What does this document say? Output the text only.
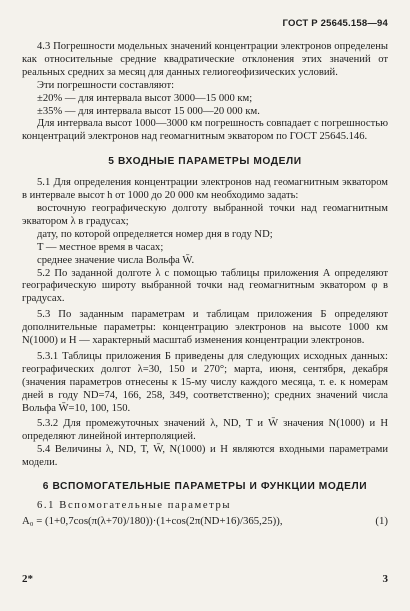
ГОСТ Р 25645.158—94

4.3 Погрешности модельных значений концентрации электронов определены как относительные средние квадратические отклонения этих значений от реальных средних за месяц для данных гелиогеофизических условий.

Эти погрешности составляют:

±20% — для интервала высот 3000—15 000 км;

±35% — для интервала высот 15 000—20 000 км.

Для интервала высот 1000—3000 км погрешность совпадает с погрешностью концентраций электронов над геомагнитным экватором по ГОСТ 25645.146.

5 ВХОДНЫЕ ПАРАМЕТРЫ МОДЕЛИ

5.1 Для определения концентрации электронов над геомагнитным экватором в интервале высот h от 1000 до 20 000 км необходимо задать:

восточную географическую долготу выбранной точки над геомагнитным экватором λ в градусах;

дату, по которой определяется номер дня в году ND;

T — местное время в часах;

среднее значение числа Вольфа W̄.

5.2 По заданной долготе λ с помощью таблицы приложения А определяют географическую широту выбранной точки над геомагнитным экватором φ в градусах.

5.3 По заданным параметрам и таблицам приложения Б определяют дополнительные параметры: концентрацию электронов на высоте 1000 км N(1000) и H — характерный масштаб изменения концентрации электронов.

5.3.1 Таблицы приложения Б приведены для следующих исходных данных: географических долгот λ=30, 150 и 270°; марта, июня, сентября, декабря (значения параметров отнесены к 15-му числу каждого месяца, т. е. к номерам дней в году ND=74, 166, 258, 349, соответственно); средних значений числа Вольфа W̄=10, 100, 150.

5.3.2 Для промежуточных значений λ, ND, T и W̄ значения N(1000) и H определяют линейной интерполяцией.

5.4 Величины λ, ND, T, W̄, N(1000) и H являются входными параметрами модели.

6 ВСПОМОГАТЕЛЬНЫЕ ПАРАМЕТРЫ И ФУНКЦИИ МОДЕЛИ

6.1 Вспомогательные параметры

A₀ = (1+0,7cos(π(λ+70)/180))·(1+cos(2π(ND+16)/365,25)),	(1)
2*	3
